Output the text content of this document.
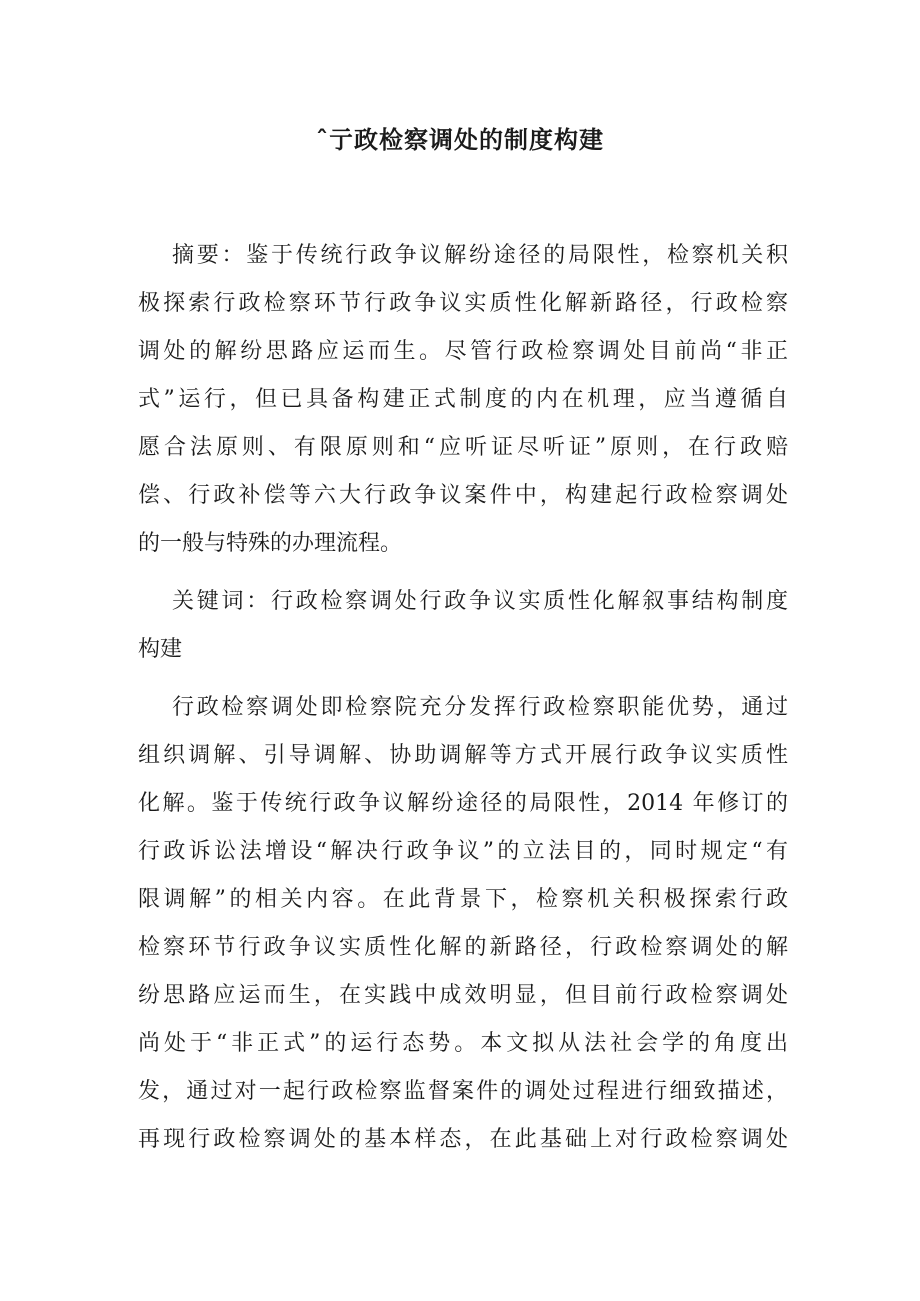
ˆ亍政检察调处的制度构建

摘要：鉴于传统行政争议解纷途径的局限性，检察机关积

极探索行政检察环节行政争议实质性化解新路径，行政检察

调处的解纷思路应运而生。尽管行政检察调处目前尚“非正

式”运行，但已具备构建正式制度的内在机理，应当遵循自

愿合法原则、有限原则和“应听证尽听证”原则，在行政赔

偿、行政补偿等六大行政争议案件中，构建起行政检察调处

的一般与特殊的办理流程。

关键词：行政检察调处行政争议实质性化解叙事结构制度

构建

行政检察调处即检察院充分发挥行政检察职能优势，通过

组织调解、引导调解、协助调解等方式开展行政争议实质性

化解。鉴于传统行政争议解纷途径的局限性，2014 年修订的

行政诉讼法增设“解决行政争议”的立法目的，同时规定“有

限调解”的相关内容。在此背景下，检察机关积极探索行政

检察环节行政争议实质性化解的新路径，行政检察调处的解

纷思路应运而生，在实践中成效明显，但目前行政检察调处

尚处于“非正式”的运行态势。本文拟从法社会学的角度出

发，通过对一起行政检察监督案件的调处过程进行细致描述，

再现行政检察调处的基本样态，在此基础上对行政检察调处
